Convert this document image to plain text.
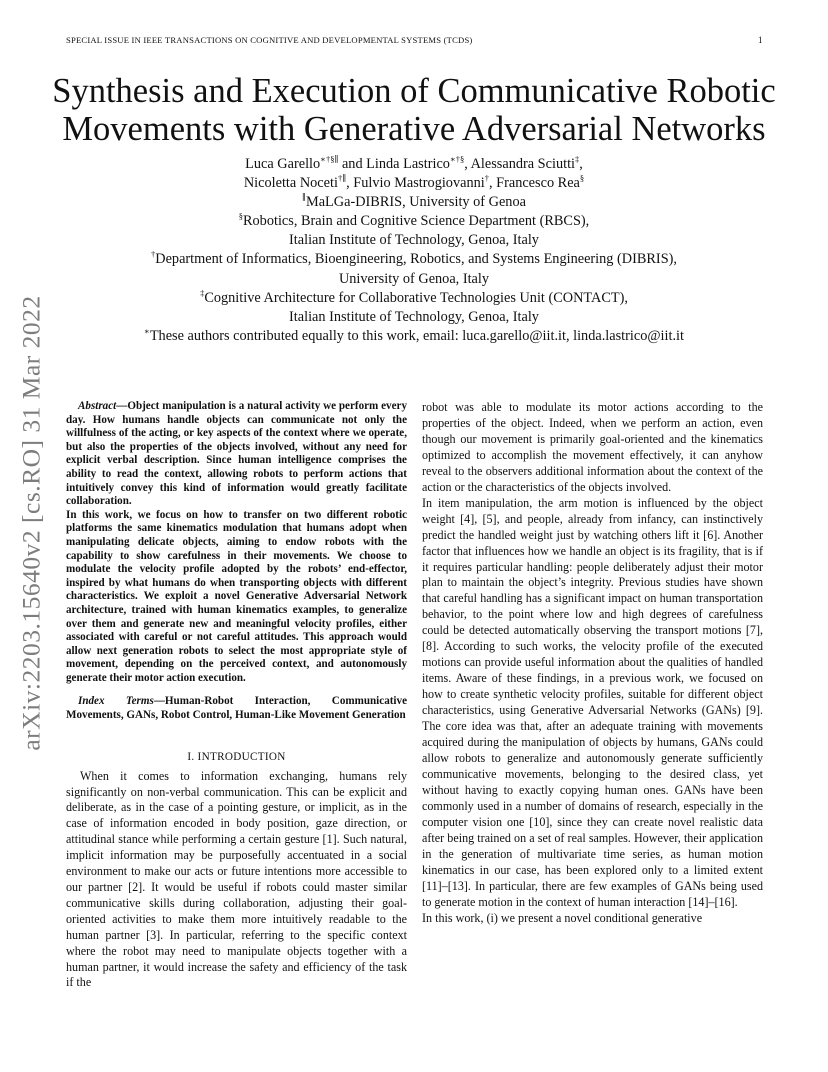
SPECIAL ISSUE IN IEEE TRANSACTIONS ON COGNITIVE AND DEVELOPMENTAL SYSTEMS (TCDS)	1
arXiv:2203.15640v2 [cs.RO] 31 Mar 2022
Synthesis and Execution of Communicative Robotic Movements with Generative Adversarial Networks
Luca Garello∗†§∥ and Linda Lastrico∗†§, Alessandra Sciutti‡,
Nicoletta Noceti†∥, Fulvio Mastrogiovanni†, Francesco Rea§
∥MaLGa-DIBRIS, University of Genoa
§Robotics, Brain and Cognitive Science Department (RBCS),
Italian Institute of Technology, Genoa, Italy
†Department of Informatics, Bioengineering, Robotics, and Systems Engineering (DIBRIS),
University of Genoa, Italy
‡Cognitive Architecture for Collaborative Technologies Unit (CONTACT),
Italian Institute of Technology, Genoa, Italy
∗These authors contributed equally to this work, email: luca.garello@iit.it, linda.lastrico@iit.it

Abstract—Object manipulation is a natural activity we perform every day. How humans handle objects can communicate not only the willfulness of the acting, or key aspects of the context where we operate, but also the properties of the objects involved, without any need for explicit verbal description. Since human intelligence comprises the ability to read the context, allowing robots to perform actions that intuitively convey this kind of information would greatly facilitate collaboration.

In this work, we focus on how to transfer on two different robotic platforms the same kinematics modulation that humans adopt when manipulating delicate objects, aiming to endow robots with the capability to show carefulness in their movements. We choose to modulate the velocity profile adopted by the robots’ end-effector, inspired by what humans do when transporting objects with different characteristics. We exploit a novel Generative Adversarial Network architecture, trained with human kinematics examples, to generalize over them and generate new and meaningful velocity profiles, either associated with careful or not careful attitudes. This approach would allow next generation robots to select the most appropriate style of movement, depending on the perceived context, and autonomously generate their motor action execution.

Index Terms—Human-Robot Interaction, Communicative Movements, GANs, Robot Control, Human-Like Movement Generation

I. INTRODUCTION

When it comes to information exchanging, humans rely significantly on non-verbal communication. This can be explicit and deliberate, as in the case of a pointing gesture, or implicit, as in the case of information encoded in body position, gaze direction, or attitudinal stance while performing a certain gesture [1]. Such natural, implicit information may be purposefully accentuated in a social environment to make our acts or future intentions more accessible to our partner [2]. It would be useful if robots could master similar communicative skills during collaboration, adjusting their goal-oriented activities to make them more intuitively readable to the human partner [3]. In particular, referring to the specific context where the robot may need to manipulate objects together with a human partner, it would increase the safety and efficiency of the task if the

robot was able to modulate its motor actions according to the properties of the object. Indeed, when we perform an action, even though our movement is primarily goal-oriented and the kinematics optimized to accomplish the movement effectively, it can anyhow reveal to the observers additional information about the context of the action or the characteristics of the objects involved.

In item manipulation, the arm motion is influenced by the object weight [4], [5], and people, already from infancy, can instinctively predict the handled weight just by watching others lift it [6]. Another factor that influences how we handle an object is its fragility, that is if it requires particular handling: people deliberately adjust their motor plan to maintain the object’s integrity. Previous studies have shown that careful handling has a significant impact on human transportation behavior, to the point where low and high degrees of carefulness could be detected automatically observing the transport motions [7], [8]. According to such works, the velocity profile of the executed motions can provide useful information about the qualities of handled items. Aware of these findings, in a previous work, we focused on how to create synthetic velocity profiles, suitable for different object characteristics, using Generative Adversarial Networks (GANs) [9]. The core idea was that, after an adequate training with movements acquired during the manipulation of objects by humans, GANs could allow robots to generalize and autonomously generate sufficiently communicative movements, belonging to the desired class, yet without having to exactly copying human ones. GANs have been commonly used in a number of domains of research, especially in the computer vision one [10], since they can create novel realistic data after being trained on a set of real samples. However, their application in the generation of multivariate time series, as human motion kinematics in our case, has been explored only to a limited extent [11]–[13]. In particular, there are few examples of GANs being used to generate motion in the context of human interaction [14]–[16].

In this work, (i) we present a novel conditional generative
